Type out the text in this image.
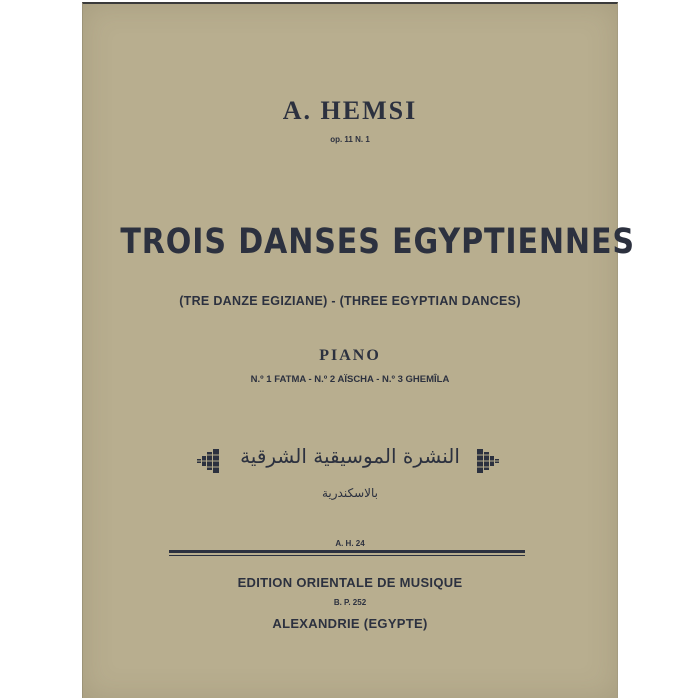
A. HEMSI
op. 11 N. 1
TROIS DANSES EGYPTIENNES
(TRE DANZE EGIZIANE) - (THREE EGYPTIAN DANCES)
PIANO
N.º 1 FATMA - N.º 2 AÏSCHA - N.º 3 GHEMÎLA
النشرة الموسيقية الشرقية
بالاسكندرية
A. H. 24
EDITION ORIENTALE DE MUSIQUE
B. P. 252
ALEXANDRIE (EGYPTE)
